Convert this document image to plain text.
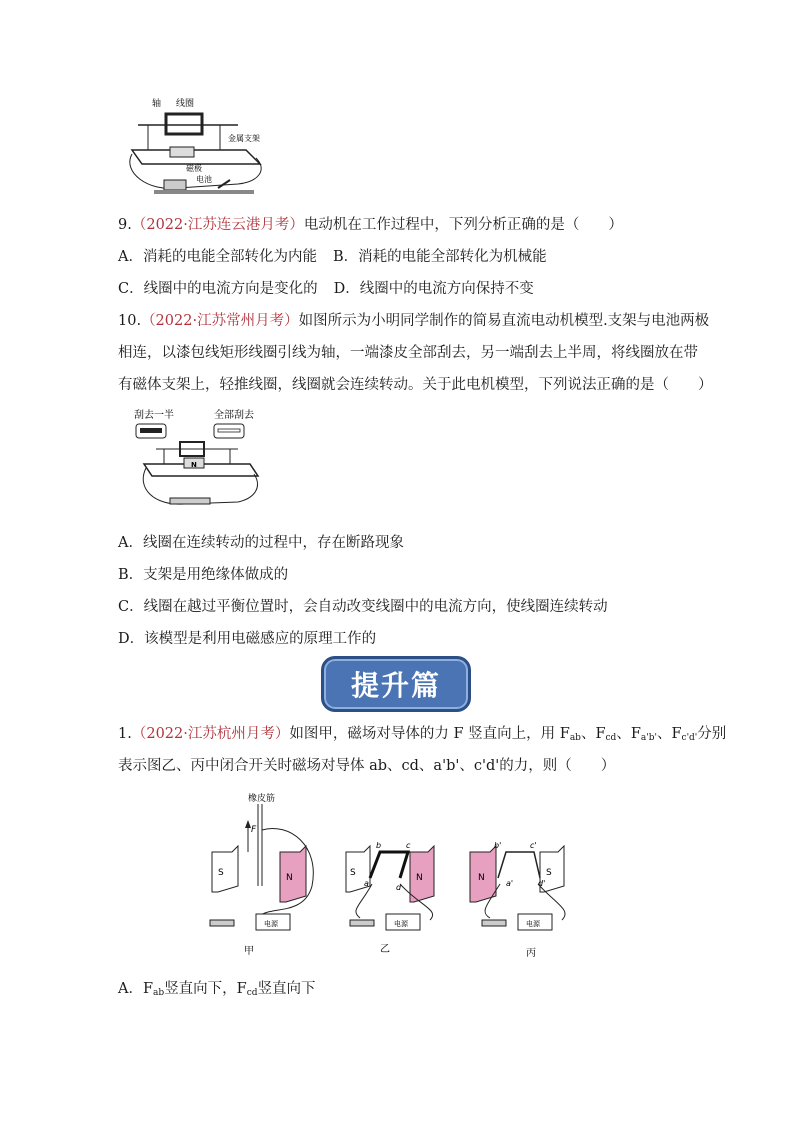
轴 线圈
金属支架
磁极
电池
9.（2022·江苏连云港月考）电动机在工作过程中，下列分析正确的是（　　）
A．消耗的电能全部转化为内能 B．消耗的电能全部转化为机械能
C．线圈中的电流方向是变化的 D．线圈中的电流方向保持不变
10.（2022·江苏常州月考）如图所示为小明同学制作的简易直流电动机模型.支架与电池两极
相连，以漆包线矩形线圈引线为轴，一端漆皮全部刮去，另一端刮去上半周，将线圈放在带
有磁体支架上，轻推线圈，线圈就会连续转动。关于此电机模型，下列说法正确的是（　　）
刮去一半	全部刮去
N
A．线圈在连续转动的过程中，存在断路现象
B．支架是用绝缘体做成的
C．线圈在越过平衡位置时，会自动改变线圈中的电流方向，使线圈连续转动
D．该模型是利用电磁感应的原理工作的
提升篇
1.（2022·江苏杭州月考）如图甲，磁场对导体的力 F 竖直向上，用 $F_{ab}$、$F_{cd}$、$F_{a'b'}$、$F_{c'd'}$分别
表示图乙、丙中闭合开关时磁场对导体 ab、cd、a'b'、c'd'的力，则（　　）
橡皮筋
F
S	N
电源
甲
S	N
b	c
a	d
电源
乙
N	S
b'	c'
a'	d'
电源
丙
A．$F_{ab}$竖直向下，$F_{cd}$竖直向下
